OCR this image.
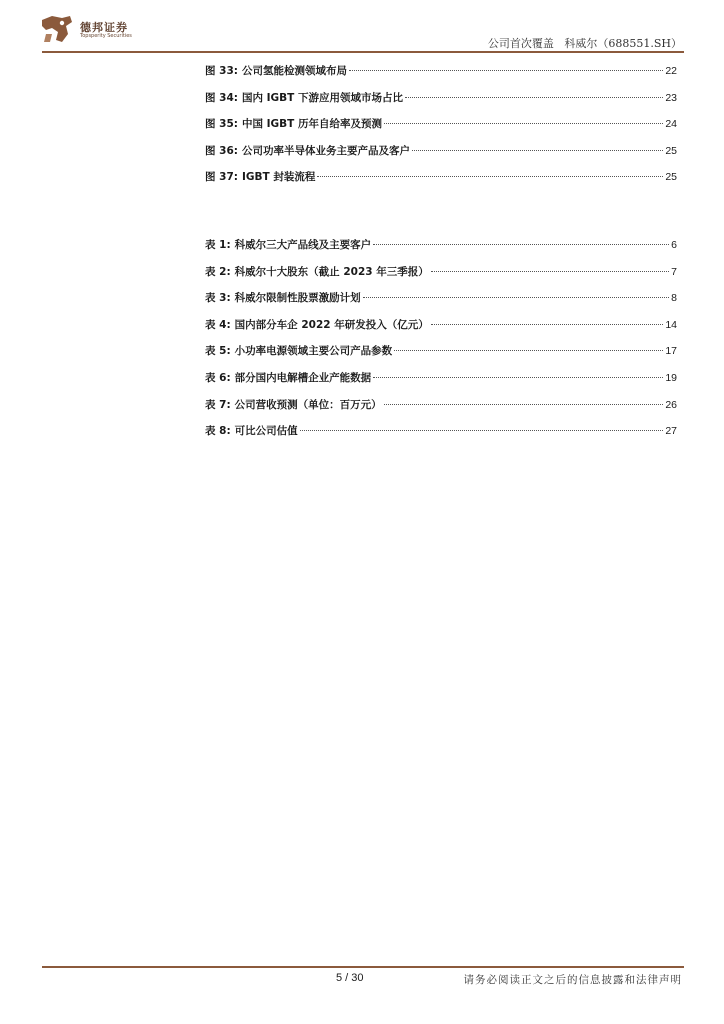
德邦证券
Topsperity Securities
公司首次覆盖 科威尔（688551.SH）
图 33: 公司氢能检测领域布局	22
图 34: 国内 IGBT 下游应用领域市场占比	23
图 35: 中国 IGBT 历年自给率及预测	24
图 36: 公司功率半导体业务主要产品及客户	25
图 37: IGBT 封装流程	25
表 1: 科威尔三大产品线及主要客户	6
表 2: 科威尔十大股东（截止 2023 年三季报）	7
表 3: 科威尔限制性股票激励计划	8
表 4: 国内部分车企 2022 年研发投入（亿元）	14
表 5: 小功率电源领域主要公司产品参数	17
表 6: 部分国内电解槽企业产能数据	19
表 7: 公司营收预测（单位：百万元）	26
表 8: 可比公司估值	27
5 / 30	请务必阅读正文之后的信息披露和法律声明
